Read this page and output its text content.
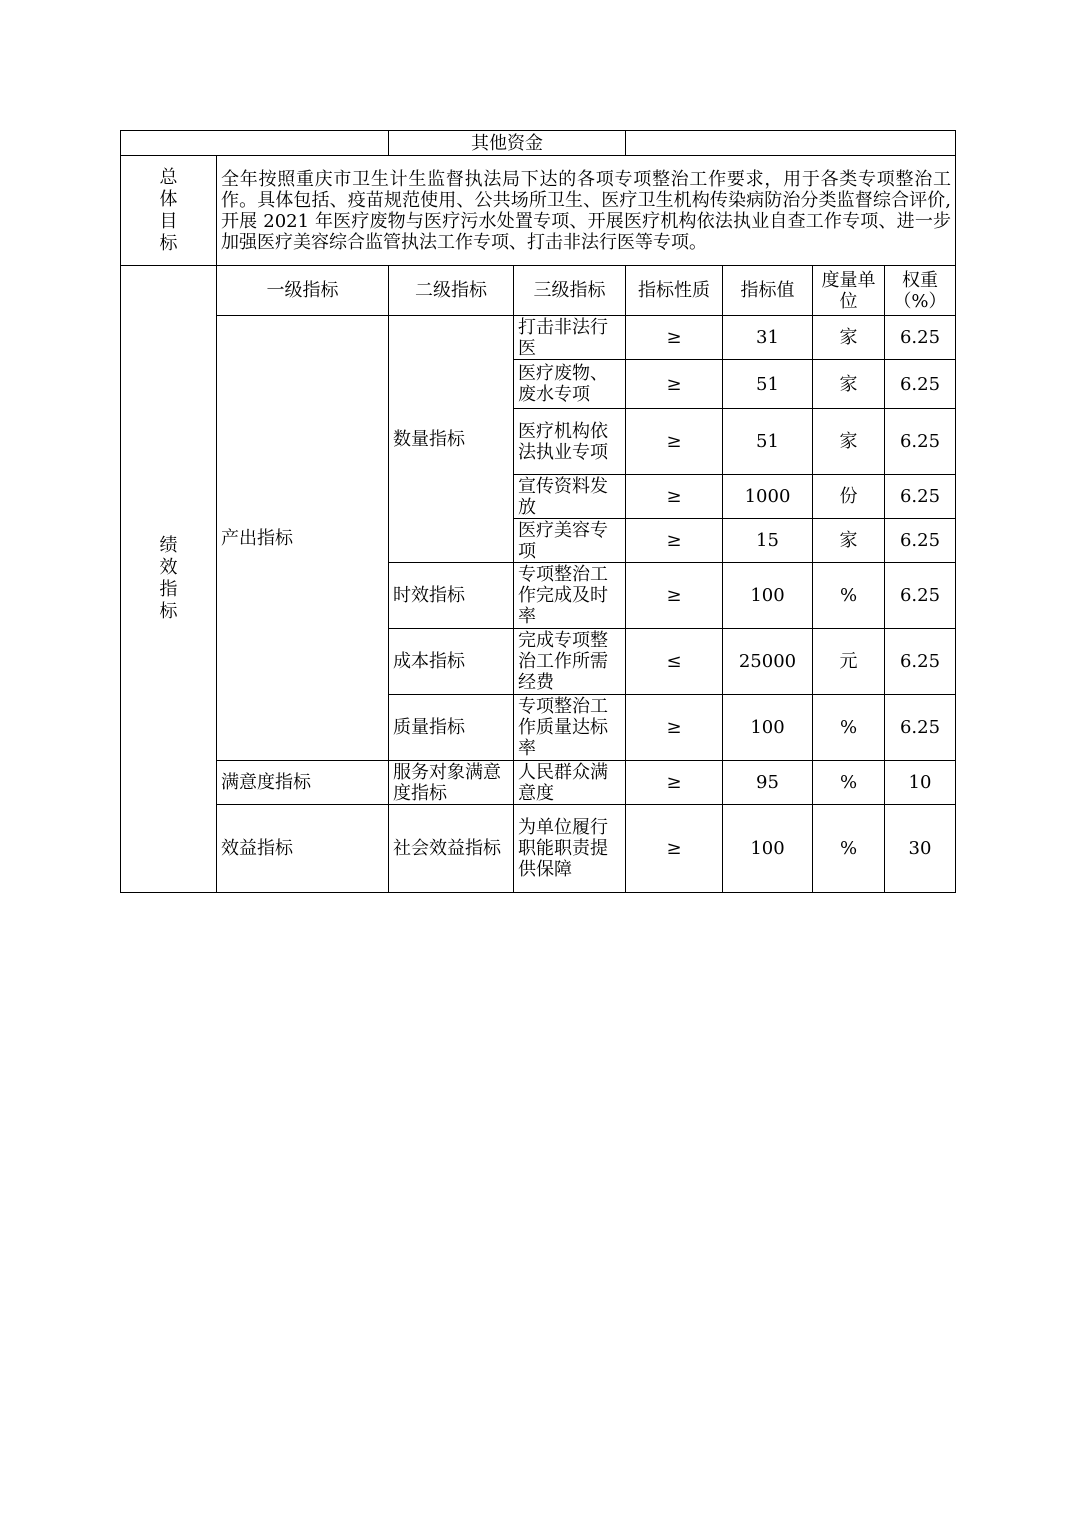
		其他资金					
总体目标	全年按照重庆市卫生计生监督执法局下达的各项专项整治工作要求，用于各类专项整治工作。具体包括、疫苗规范使用、公共场所卫生、医疗卫生机构传染病防治分类监督综合评价,开展 2021 年医疗废物与医疗污水处置专项、开展医疗机构依法执业自查工作专项、进一步加强医疗美容综合监管执法工作专项、打击非法行医等专项。						
绩效指标	一级指标	二级指标	三级指标	指标性质	指标值	度量单位	权重（%）
	产出指标	数量指标	打击非法行医	≥	31	家	6.25
			医疗废物、废水专项	≥	51	家	6.25
			医疗机构依法执业专项	≥	51	家	6.25
			宣传资料发放	≥	1000	份	6.25
			医疗美容专项	≥	15	家	6.25
		时效指标	专项整治工作完成及时率	≥	100	%	6.25
		成本指标	完成专项整治工作所需经费	≤	25000	元	6.25
		质量指标	专项整治工作质量达标率	≥	100	%	6.25
	满意度指标	服务对象满意度指标	人民群众满意度	≥	95	%	10
	效益指标	社会效益指标	为单位履行职能职责提供保障	≥	100	%	30
